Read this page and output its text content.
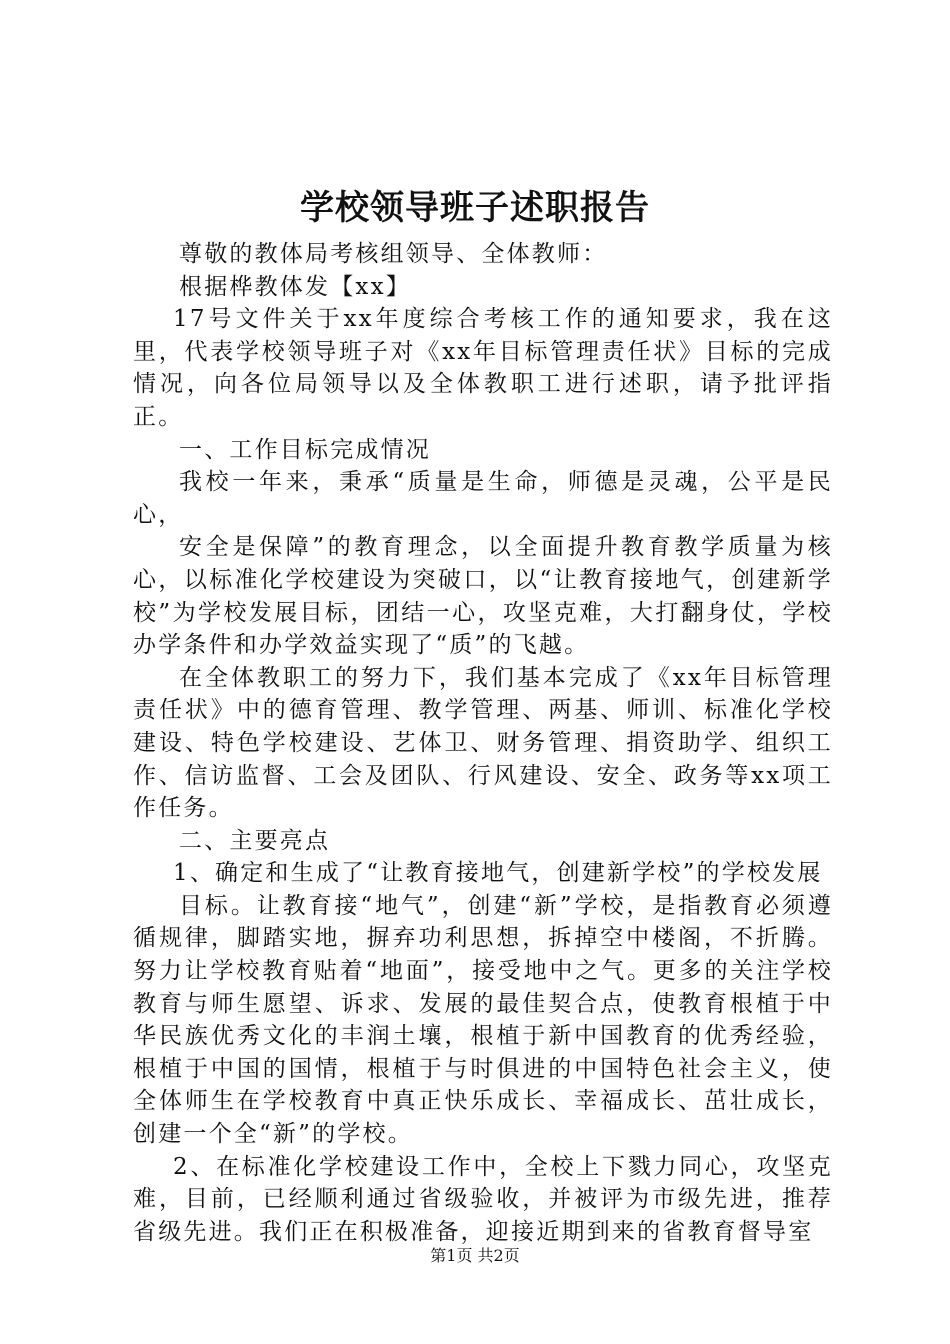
学校领导班子述职报告

尊敬的教体局考核组领导、全体教师：

根据桦教体发【xx】

17号文件关于xx年度综合考核工作的通知要求，我在这里，代表学校领导班子对《xx年目标管理责任状》目标的完成情况，向各位局领导以及全体教职工进行述职，请予批评指正。

一、工作目标完成情况

我校一年来，秉承“质量是生命，师德是灵魂，公平是民心，

安全是保障”的教育理念，以全面提升教育教学质量为核心，以标准化学校建设为突破口，以“让教育接地气，创建新学校”为学校发展目标，团结一心，攻坚克难，大打翻身仗，学校办学条件和办学效益实现了“质”的飞越。

在全体教职工的努力下，我们基本完成了《xx年目标管理责任状》中的德育管理、教学管理、两基、师训、标准化学校建设、特色学校建设、艺体卫、财务管理、捐资助学、组织工作、信访监督、工会及团队、行风建设、安全、政务等xx项工作任务。

二、主要亮点

1、确定和生成了“让教育接地气，创建新学校”的学校发展

目标。让教育接“地气”，创建“新”学校，是指教育必须遵循规律，脚踏实地，摒弃功利思想，拆掉空中楼阁，不折腾。努力让学校教育贴着“地面”，接受地中之气。更多的关注学校教育与师生愿望、诉求、发展的最佳契合点，使教育根植于中华民族优秀文化的丰润土壤，根植于新中国教育的优秀经验，根植于中国的国情，根植于与时俱进的中国特色社会主义，使全体师生在学校教育中真正快乐成长、幸福成长、茁壮成长，创建一个全“新”的学校。

2、在标准化学校建设工作中，全校上下戮力同心，攻坚克难，目前，已经顺利通过省级验收，并被评为市级先进，推荐省级先进。我们正在积极准备，迎接近期到来的省教育督导室

第1页 共2页
